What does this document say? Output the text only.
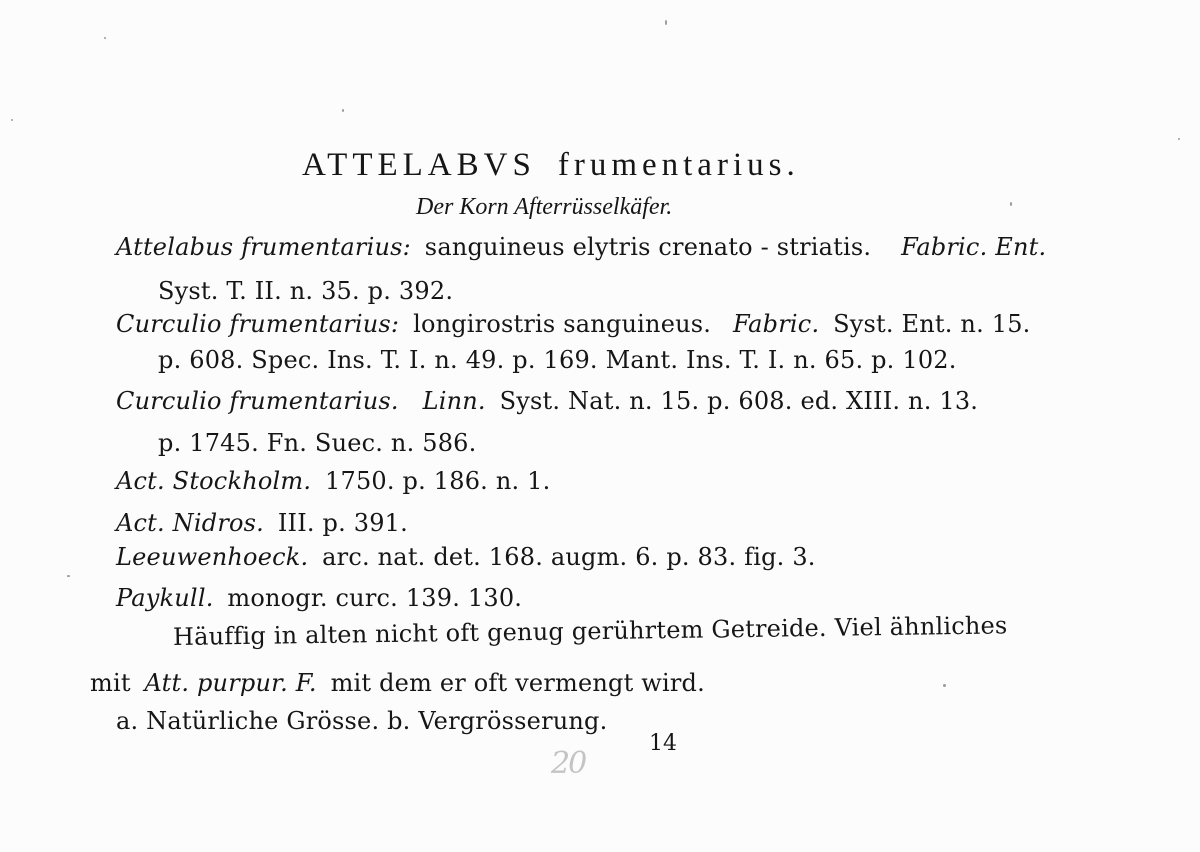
ATTELABVS frumentarius.
Der Korn Afterrüsselkäfer.
Attelabus frumentarius: sanguineus elytris crenato - striatis. Fabric. Ent.
Syst. T. II. n. 35. p. 392.
Curculio frumentarius: longirostris sanguineus. Fabric. Syst. Ent. n. 15.
p. 608. Spec. Ins. T. I. n. 49. p. 169. Mant. Ins. T. I. n. 65. p. 102.
Curculio frumentarius. Linn. Syst. Nat. n. 15. p. 608. ed. XIII. n. 13.
p. 1745. Fn. Suec. n. 586.
Act. Stockholm. 1750. p. 186. n. 1.
Act. Nidros. III. p. 391.
Leeuwenhoeck. arc. nat. det. 168. augm. 6. p. 83. fig. 3.
Paykull. monogr. curc. 139. 130.
Häuffig in alten nicht oft genug gerührtem Getreide. Viel ähnliches
mit Att. purpur. F. mit dem er oft vermengt wird.
a. Natürliche Grösse. b. Vergrösserung.
14
20
